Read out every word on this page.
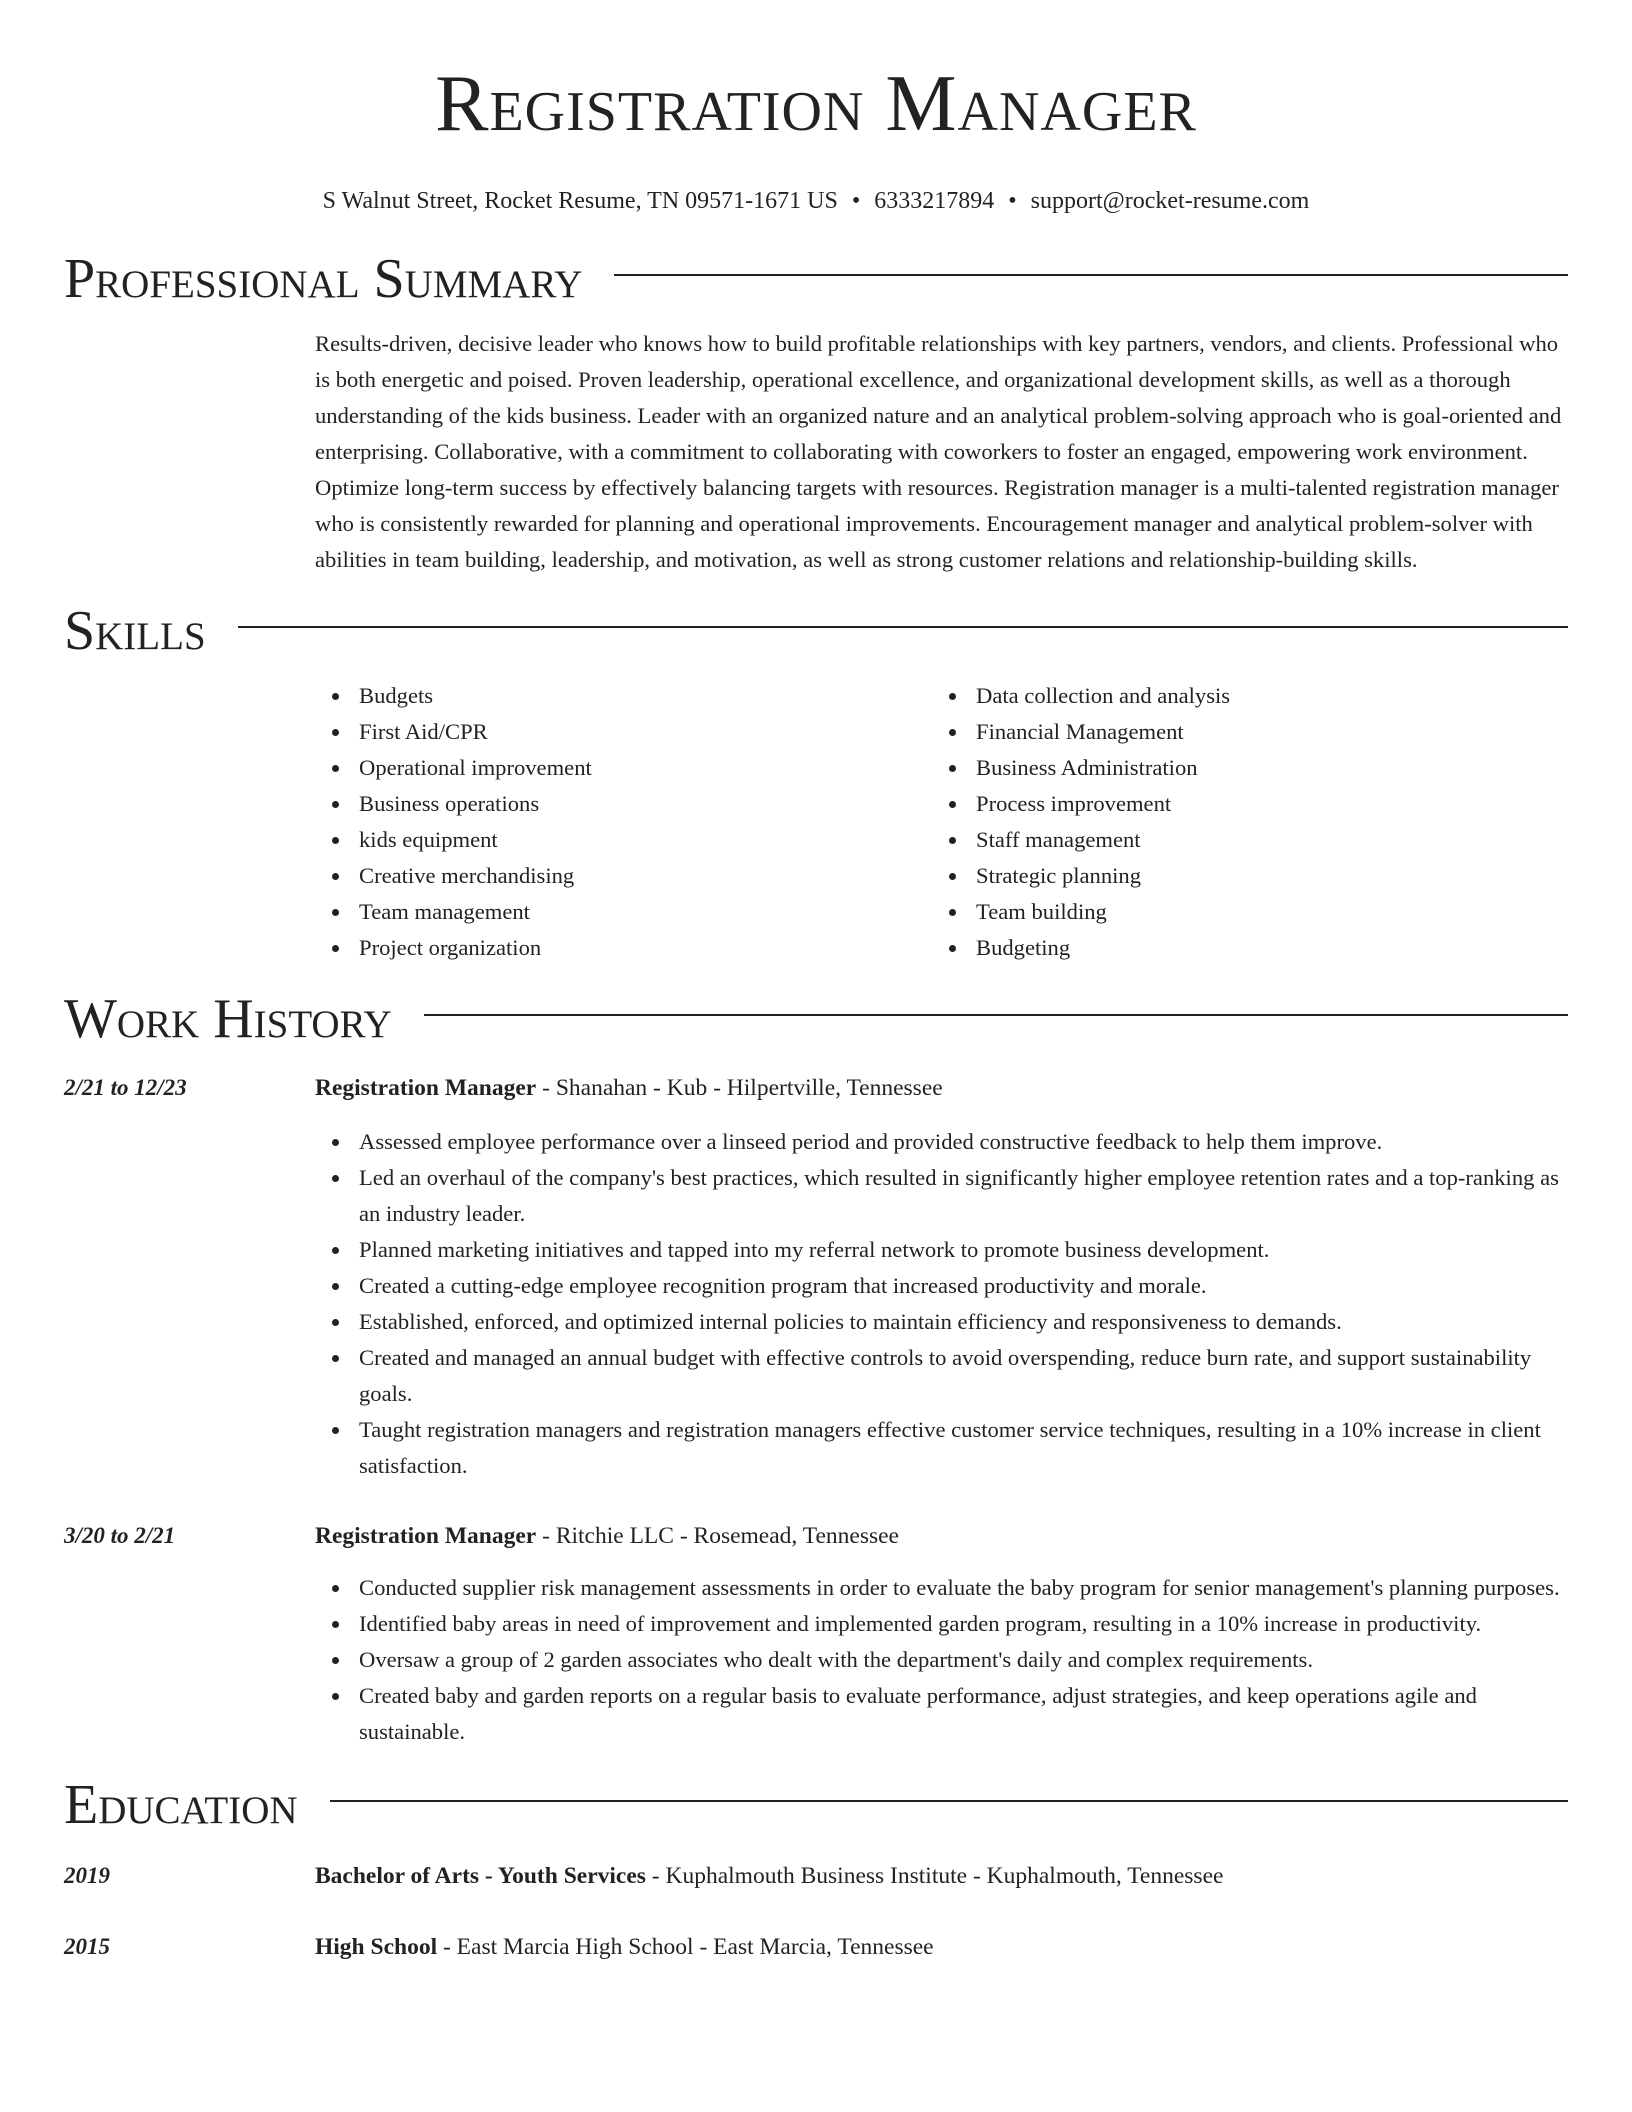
Registration Manager
S Walnut Street, Rocket Resume, TN 09571-1671 US • 6333217894 • support@rocket-resume.com
Professional Summary
Results-driven, decisive leader who knows how to build profitable relationships with key partners, vendors, and clients. Professional who is both energetic and poised. Proven leadership, operational excellence, and organizational development skills, as well as a thorough understanding of the kids business. Leader with an organized nature and an analytical problem-solving approach who is goal-oriented and enterprising. Collaborative, with a commitment to collaborating with coworkers to foster an engaged, empowering work environment. Optimize long-term success by effectively balancing targets with resources. Registration manager is a multi-talented registration manager who is consistently rewarded for planning and operational improvements. Encouragement manager and analytical problem-solver with abilities in team building, leadership, and motivation, as well as strong customer relations and relationship-building skills.
Skills
Budgets
First Aid/CPR
Operational improvement
Business operations
kids equipment
Creative merchandising
Team management
Project organization
Data collection and analysis
Financial Management
Business Administration
Process improvement
Staff management
Strategic planning
Team building
Budgeting
Work History
2/21 to 12/23	Registration Manager - Shanahan - Kub - Hilpertville, Tennessee
Assessed employee performance over a linseed period and provided constructive feedback to help them improve.
Led an overhaul of the company's best practices, which resulted in significantly higher employee retention rates and a top-ranking as an industry leader.
Planned marketing initiatives and tapped into my referral network to promote business development.
Created a cutting-edge employee recognition program that increased productivity and morale.
Established, enforced, and optimized internal policies to maintain efficiency and responsiveness to demands.
Created and managed an annual budget with effective controls to avoid overspending, reduce burn rate, and support sustainability goals.
Taught registration managers and registration managers effective customer service techniques, resulting in a 10% increase in client satisfaction.
3/20 to 2/21	Registration Manager - Ritchie LLC - Rosemead, Tennessee
Conducted supplier risk management assessments in order to evaluate the baby program for senior management's planning purposes.
Identified baby areas in need of improvement and implemented garden program, resulting in a 10% increase in productivity.
Oversaw a group of 2 garden associates who dealt with the department's daily and complex requirements.
Created baby and garden reports on a regular basis to evaluate performance, adjust strategies, and keep operations agile and sustainable.
Education
2019	Bachelor of Arts - Youth Services - Kuphalmouth Business Institute - Kuphalmouth, Tennessee
2015	High School - East Marcia High School - East Marcia, Tennessee
